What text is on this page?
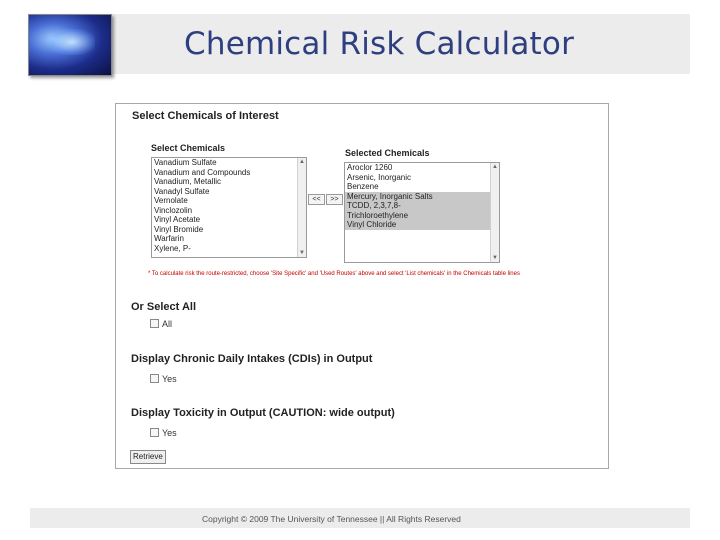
Chemical Risk Calculator
Select Chemicals of Interest
Select Chemicals	Selected Chemicals
Vanadium Sulfate
Vanadium and Compounds
Vanadium, Metallic
Vanadyl Sulfate
Vernolate
Vinclozolin
Vinyl Acetate
Vinyl Bromide
Warfarin
Xylene, P-
▲
▼
<<	>>
Aroclor 1260
Arsenic, Inorganic
Benzene
Mercury, Inorganic Salts
TCDD, 2,3,7,8-
Trichloroethylene
Vinyl Chloride
▲
▼
* To calculate risk the route-restricted, choose 'Site Specific' and 'Used Routes' above and select 'List chemicals' in the Chemicals table lines
Or Select All
All
Display Chronic Daily Intakes (CDIs) in Output
Yes
Display Toxicity in Output (CAUTION: wide output)
Yes
Retrieve
Copyright © 2009 The University of Tennessee || All Rights Reserved
